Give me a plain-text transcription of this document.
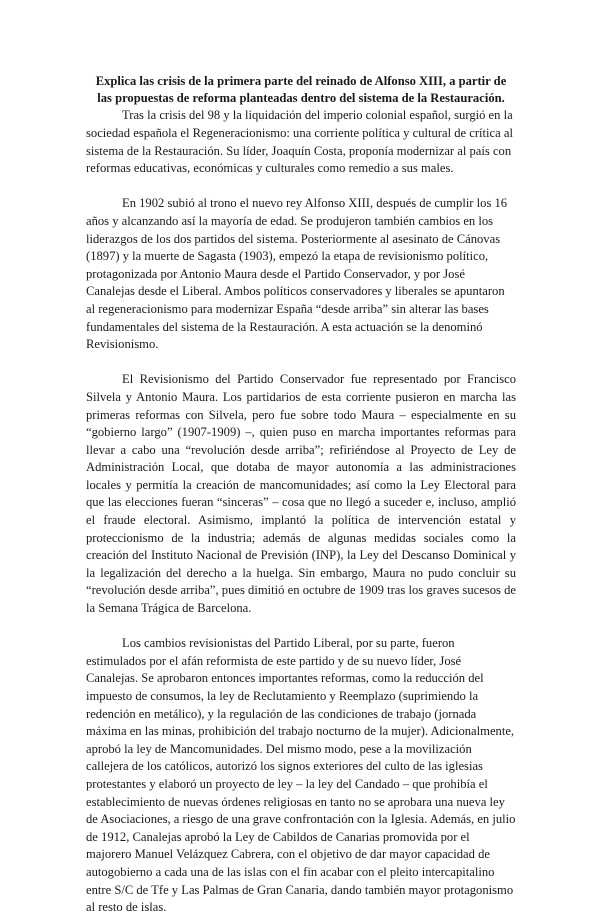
Explica las crisis de la primera parte del reinado de Alfonso XIII, a partir de las propuestas de reforma planteadas dentro del sistema de la Restauración.

Tras la crisis del 98 y la liquidación del imperio colonial español, surgió en la sociedad española el Regeneracionismo: una corriente política y cultural de crítica al sistema de la Restauración. Su líder, Joaquín Costa, proponía modernizar al país con reformas educativas, económicas y culturales como remedio a sus males.

En 1902 subió al trono el nuevo rey Alfonso XIII, después de cumplir los 16 años y alcanzando así la mayoría de edad. Se produjeron también cambios en los liderazgos de los dos partidos del sistema. Posteriormente al asesinato de Cánovas (1897) y la muerte de Sagasta (1903), empezó la etapa de revisionismo político, protagonizada por Antonio Maura desde el Partido Conservador, y por José Canalejas desde el Liberal. Ambos políticos conservadores y liberales se apuntaron al regeneracionismo para modernizar España “desde arriba” sin alterar las bases fundamentales del sistema de la Restauración. A esta actuación se la denominó Revisionismo.

El Revisionismo del Partido Conservador fue representado por Francisco Silvela y Antonio Maura. Los partidarios de esta corriente pusieron en marcha las primeras reformas con Silvela, pero fue sobre todo Maura – especialmente en su “gobierno largo” (1907-1909) –, quien puso en marcha importantes reformas para llevar a cabo una “revolución desde arriba”; refiriéndose al Proyecto de Ley de Administración Local, que dotaba de mayor autonomía a las administraciones locales y permitía la creación de mancomunidades; así como la Ley Electoral para que las elecciones fueran “sinceras” – cosa que no llegó a suceder e, incluso, amplió el fraude electoral. Asimismo, implantó la política de intervención estatal y proteccionismo de la industria; además de algunas medidas sociales como la creación del Instituto Nacional de Previsión (INP), la Ley del Descanso Dominical y la legalización del derecho a la huelga. Sin embargo, Maura no pudo concluir su “revolución desde arriba”, pues dimitió en octubre de 1909 tras los graves sucesos de la Semana Trágica de Barcelona.

Los cambios revisionistas del Partido Liberal, por su parte, fueron estimulados por el afán reformista de este partido y de su nuevo líder, José Canalejas. Se aprobaron entonces importantes reformas, como la reducción del impuesto de consumos, la ley de Reclutamiento y Reemplazo (suprimiendo la redención en metálico), y la regulación de las condiciones de trabajo (jornada máxima en las minas, prohibición del trabajo nocturno de la mujer). Adicionalmente, aprobó la ley de Mancomunidades. Del mismo modo, pese a la movilización callejera de los católicos, autorizó los signos exteriores del culto de las iglesias protestantes y elaboró un proyecto de ley – la ley del Candado – que prohibía el establecimiento de nuevas órdenes religiosas en tanto no se aprobara una nueva ley de Asociaciones, a riesgo de una grave confrontación con la Iglesia. Además, en julio de 1912, Canalejas aprobó la Ley de Cabildos de Canarias promovida por el majorero Manuel Velázquez Cabrera, con el objetivo de dar mayor capacidad de autogobierno a cada una de las islas con el fin acabar con el pleito intercapitalino entre S/C de Tfe y Las Palmas de Gran Canaria, dando también mayor protagonismo al resto de islas.
